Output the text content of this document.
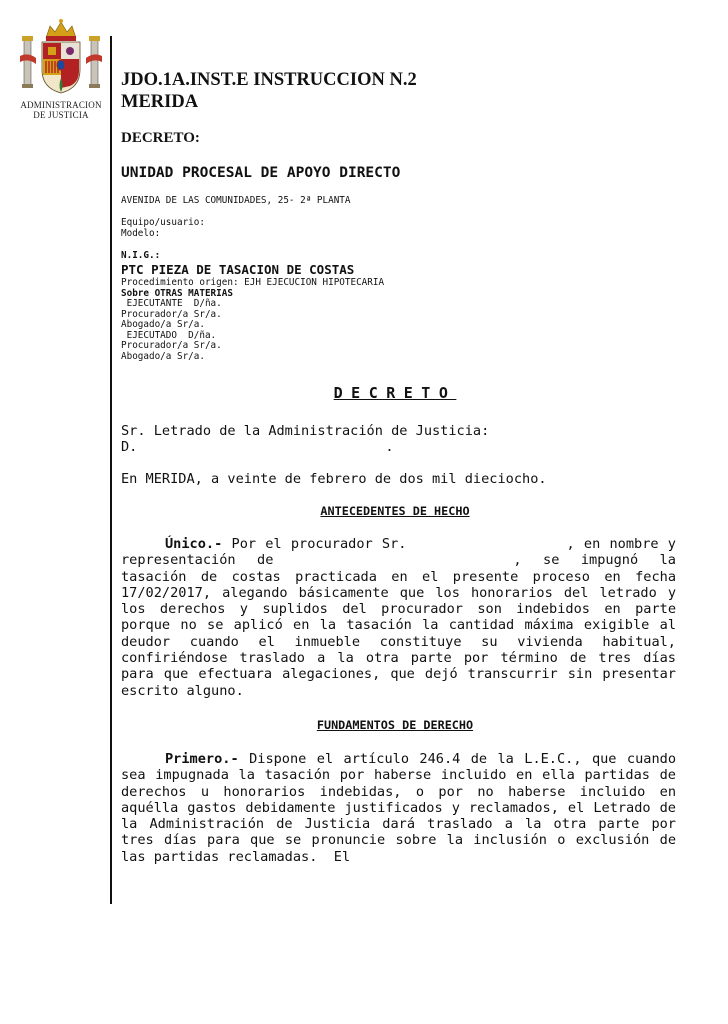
ADMINISTRACION
DE JUSTICIA
JDO.1A.INST.E INSTRUCCION N.2
MERIDA
DECRETO:
UNIDAD PROCESAL DE APOYO DIRECTO
AVENIDA DE LAS COMUNIDADES, 25- 2ª PLANTA
Equipo/usuario:
Modelo:
N.I.G.:
PTC PIEZA DE TASACION DE COSTAS
Procedimiento origen: EJH EJECUCION HIPOTECARIA
Sobre OTRAS MATERIAS
EJECUTANTE  D/ña.
Procurador/a Sr/a.
Abogado/a Sr/a.
EJECUTADO  D/ña.
Procurador/a Sr/a.
Abogado/a Sr/a.
DECRETO
Sr. Letrado de la Administración de Justicia:
D.	.
En MERIDA, a veinte de febrero de dos mil dieciocho.
ANTECEDENTES DE HECHO
Único.- Por el procurador Sr.	, en nombre y representación de	, se impugnó la tasación de costas practicada en el presente proceso en fecha 17/02/2017, alegando básicamente que los honorarios del letrado y los derechos y suplidos del procurador son indebidos en parte porque no se aplicó en la tasación la cantidad máxima exigible al deudor cuando el inmueble constituye su vivienda habitual, confiriéndose traslado a la otra parte por término de tres días para que efectuara alegaciones, que dejó transcurrir sin presentar escrito alguno.
FUNDAMENTOS DE DERECHO
Primero.- Dispone el artículo 246.4 de la L.E.C., que cuando sea impugnada la tasación por haberse incluido en ella partidas de derechos u honorarios indebidas, o por no haberse incluido en aquélla gastos debidamente justificados y reclamados, el Letrado de la Administración de Justicia dará traslado a la otra parte por tres días para que se pronuncie sobre la inclusión o exclusión de las partidas reclamadas.  El
